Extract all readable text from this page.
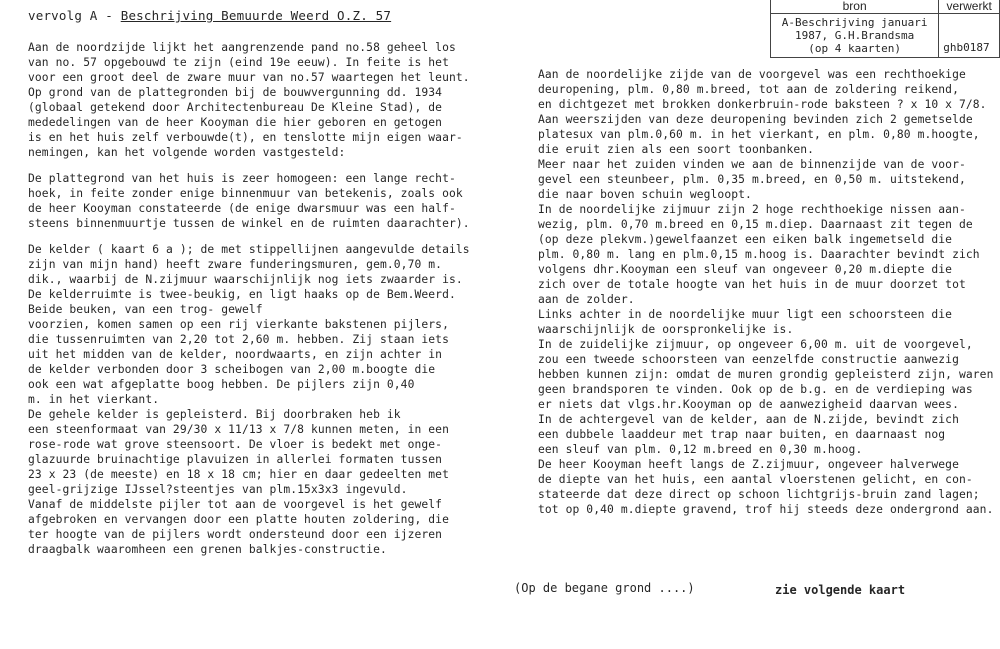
vervolg A - Beschrijving Bemuurde Weerd O.Z. 57
bron	verwerkt

A-Beschrijving januari
1987, G.H.Brandsma
(op 4 kaarten)	ghb0187

Aan de noordzijde lijkt het aangrenzende pand no.58 geheel los
van no. 57 opgebouwd te zijn (eind 19e eeuw). In feite is het
voor een groot deel de zware muur van no.57 waartegen het leunt.
Op grond van de plattegronden bij de bouwvergunning dd. 1934
(globaal getekend door Architectenbureau De Kleine Stad), de
mededelingen van de heer Kooyman die hier geboren en getogen
is en het huis zelf verbouwde(t), en tenslotte mijn eigen waar-
nemingen, kan het volgende worden vastgesteld:

De plattegrond van het huis is zeer homogeen: een lange recht-
hoek, in feite zonder enige binnenmuur van betekenis, zoals ook
de heer Kooyman constateerde (de enige dwarsmuur was een half-
steens binnenmuurtje tussen de winkel en de ruimten daarachter).

De kelder ( kaart 6 a ); de met stippellijnen aangevulde details
zijn van mijn hand) heeft zware funderingsmuren, gem.0,70 m.
dik., waarbij de N.zijmuur waarschijnlijk nog iets zwaarder is.
De kelderruimte is twee-beukig, en ligt haaks op de Bem.Weerd.
Beide beuken, van een trog- gewelf
voorzien, komen samen op een rij vierkante bakstenen pijlers,
die tussenruimten van 2,20 tot 2,60 m. hebben. Zij staan iets
uit het midden van de kelder, noordwaarts, en zijn achter in
de kelder verbonden door 3 scheibogen van 2,00 m.boogte die
ook een wat afgeplatte boog hebben. De pijlers zijn 0,40
m. in het vierkant.
De gehele kelder is gepleisterd. Bij doorbraken heb ik
een steenformaat van 29/30 x 11/13 x 7/8 kunnen meten, in een
rose-rode wat grove steensoort. De vloer is bedekt met onge-
glazuurde bruinachtige plavuizen in allerlei formaten tussen
23 x 23 (de meeste) en 18 x 18 cm; hier en daar gedeelten met
geel-grijzige IJssel?steentjes van plm.15x3x3 ingevuld.
Vanaf de middelste pijler tot aan de voorgevel is het gewelf
afgebroken en vervangen door een platte houten zoldering, die
ter hoogte van de pijlers wordt ondersteund door een ijzeren
draagbalk waaromheen een grenen balkjes-constructie.

Aan de noordelijke zijde van de voorgevel was een rechthoekige
deuropening, plm. 0,80 m.breed, tot aan de zoldering reikend,
en dichtgezet met brokken donkerbruin-rode baksteen ? x 10 x 7/8.
Aan weerszijden van deze deuropening bevinden zich 2 gemetselde
platesux van plm.0,60 m. in het vierkant, en plm. 0,80 m.hoogte,
die eruit zien als een soort toonbanken.
Meer naar het zuiden vinden we aan de binnenzijde van de voor-
gevel een steunbeer, plm. 0,35 m.breed, en 0,50 m. uitstekend,
die naar boven schuin wegloopt.
In de noordelijke zijmuur zijn 2 hoge rechthoekige nissen aan-
wezig, plm. 0,70 m.breed en 0,15 m.diep. Daarnaast zit tegen de
(op deze plekvm.)gewelfaanzet een eiken balk ingemetseld die
plm. 0,80 m. lang en plm.0,15 m.hoog is. Daarachter bevindt zich
volgens dhr.Kooyman een sleuf van ongeveer 0,20 m.diepte die
zich over de totale hoogte van het huis in de muur doorzet tot
aan de zolder.
Links achter in de noordelijke muur ligt een schoorsteen die
waarschijnlijk de oorspronkelijke is.
In de zuidelijke zijmuur, op ongeveer 6,00 m. uit de voorgevel,
zou een tweede schoorsteen van eenzelfde constructie aanwezig
hebben kunnen zijn: omdat de muren grondig gepleisterd zijn, waren
geen brandsporen te vinden. Ook op de b.g. en de verdieping was
er niets dat vlgs.hr.Kooyman op de aanwezigheid daarvan wees.
In de achtergevel van de kelder, aan de N.zijde, bevindt zich
een dubbele laaddeur met trap naar buiten, en daarnaast nog
een sleuf van plm. 0,12 m.breed en 0,30 m.hoog.
De heer Kooyman heeft langs de Z.zijmuur, ongeveer halverwege
de diepte van het huis, een aantal vloerstenen gelicht, en con-
stateerde dat deze direct op schoon lichtgrijs-bruin zand lagen;
tot op 0,40 m.diepte gravend, trof hij steeds deze ondergrond aan.

(Op de begane grond ....)	zie volgende kaart
